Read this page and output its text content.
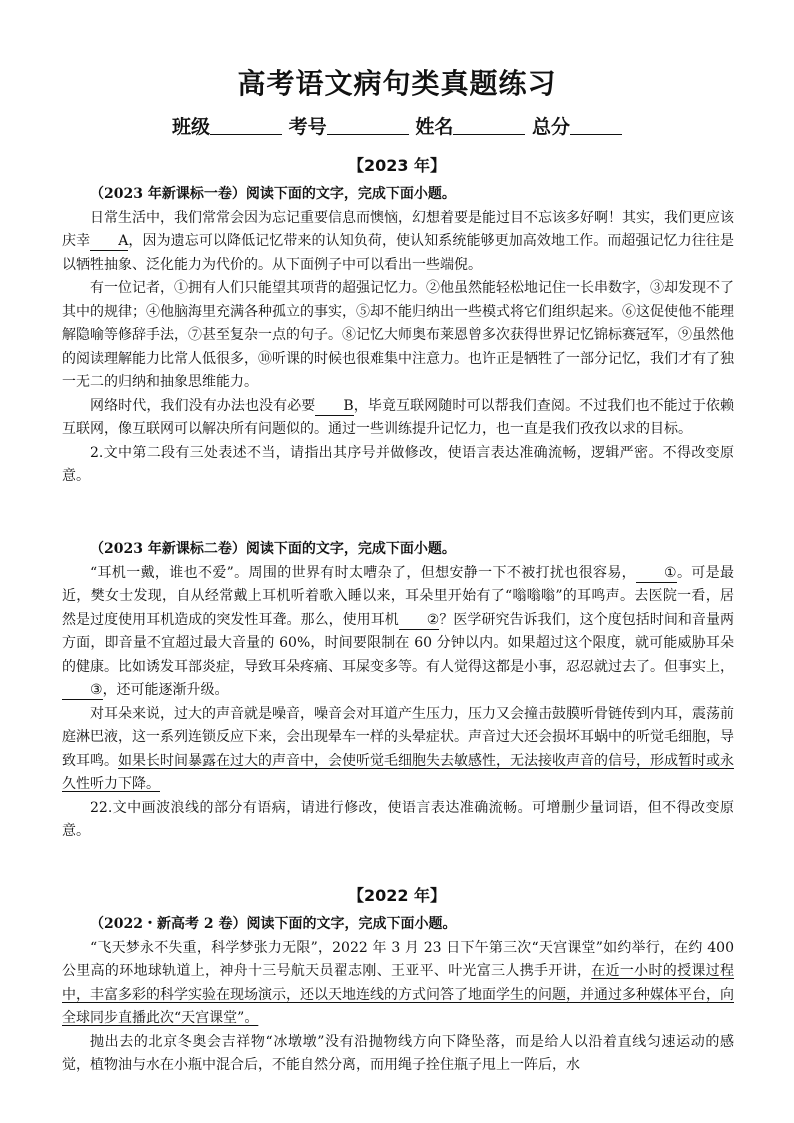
高考语文病句类真题练习
班级	考号	姓名	总分
【2023 年】

（2023 年新课标一卷）阅读下面的文字，完成下面小题。

日常生活中，我们常常会因为忘记重要信息而懊恼，幻想着要是能过目不忘该多好啊！其实，我们更应该庆幸 A，因为遗忘可以降低记忆带来的认知负荷，使认知系统能够更加高效地工作。而超强记忆力往往是以牺牲抽象、泛化能力为代价的。从下面例子中可以看出一些端倪。

有一位记者，①拥有人们只能望其项背的超强记忆力。②他虽然能轻松地记住一长串数字，③却发现不了其中的规律；④他脑海里充满各种孤立的事实，⑤却不能归纳出一些模式将它们组织起来。⑥这促使他不能理解隐喻等修辞手法，⑦甚至复杂一点的句子。⑧记忆大师奥布莱恩曾多次获得世界记忆锦标赛冠军，⑨虽然他的阅读理解能力比常人低很多，⑩听课的时候也很难集中注意力。也许正是牺牲了一部分记忆，我们才有了独一无二的归纳和抽象思维能力。

网络时代，我们没有办法也没有必要 B，毕竟互联网随时可以帮我们查阅。不过我们也不能过于依赖互联网，像互联网可以解决所有问题似的。通过一些训练提升记忆力，也一直是我们孜孜以求的目标。

2.文中第二段有三处表述不当，请指出其序号并做修改，使语言表达准确流畅，逻辑严密。不得改变原意。

（2023 年新课标二卷）阅读下面的文字，完成下面小题。

“耳机一戴，谁也不爱”。周围的世界有时太嘈杂了，但想安静一下不被打扰也很容易， ①。可是最近，樊女士发现，自从经常戴上耳机听着歌入睡以来，耳朵里开始有了“嗡嗡嗡”的耳鸣声。去医院一看，居然是过度使用耳机造成的突发性耳聋。那么，使用耳机 ②？医学研究告诉我们，这个度包括时间和音量两方面，即音量不宜超过最大音量的 60%，时间要限制在 60 分钟以内。如果超过这个限度，就可能威胁耳朵的健康。比如诱发耳部炎症，导致耳朵疼痛、耳屎变多等。有人觉得这都是小事，忍忍就过去了。但事实上，③，还可能逐渐升级。

对耳朵来说，过大的声音就是噪音，噪音会对耳道产生压力，压力又会撞击鼓膜听骨链传到内耳，震荡前庭淋巴液，这一系列连锁反应下来，会出现晕车一样的头晕症状。声音过大还会损坏耳蜗中的听觉毛细胞，导致耳鸣。如果长时间暴露在过大的声音中，会使听觉毛细胞失去敏感性，无法接收声音的信号，形成暂时或永久性听力下降。

22.文中画波浪线的部分有语病，请进行修改，使语言表达准确流畅。可增删少量词语，但不得改变原意。

【2022 年】

（2022・新高考 2 卷）阅读下面的文字，完成下面小题。

“飞天梦永不失重，科学梦张力无限”，2022 年 3 月 23 日下午第三次“天宫课堂”如约举行，在约 400 公里高的环地球轨道上，神舟十三号航天员翟志刚、王亚平、叶光富三人携手开讲，在近一小时的授课过程中，丰富多彩的科学实验在现场演示，还以天地连线的方式问答了地面学生的问题，并通过多种媒体平台，向全球同步直播此次“天宫课堂”。

抛出去的北京冬奥会吉祥物“冰墩墩”没有沿抛物线方向下降坠落，而是给人以沿着直线匀速运动的感觉，植物油与水在小瓶中混合后，不能自然分离，而用绳子拴住瓶子甩上一阵后，水
